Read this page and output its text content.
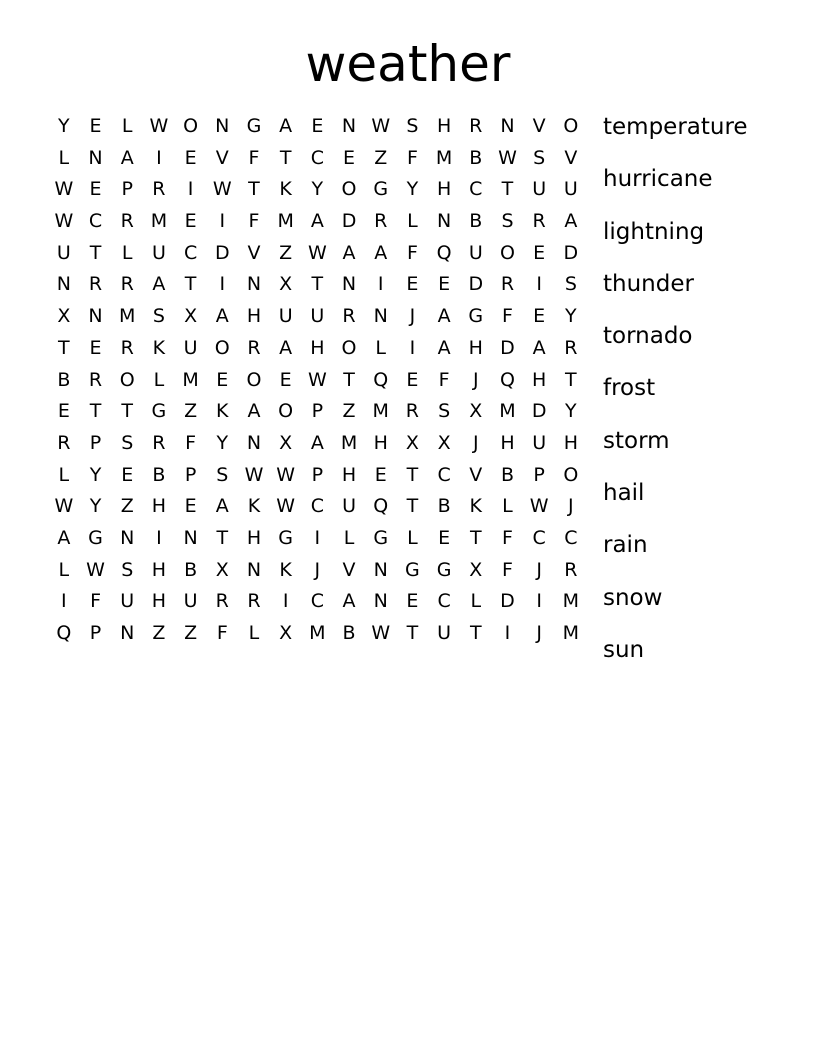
weather
Y	E	L W O N G A	E N W S H R N V O
L	N A	I	E	V	F	T	C	E	Z	F M B W S	V
W E	P	R	I	W T	K	Y O G Y H C	T U U
W C R M E	I	F M A D R	L	N B	S	R A
U T	L	U C D V Z W A A	F Q U O E D
N R R A	T	I	N X	T N	I	E	E D R	I	S
X N M S	X A H U U R N	J	A G F	E	Y
T	E	R K U O R A H O L	I	A H D A R
B R O L M E O E W T Q E	F	J	Q H T
E	T	T G Z K A O P	Z M R	S	X M D Y
R	P	S	R	F	Y N X A M H X X	J	H U H
L	Y	E	B	P	S W W P H E	T	C V B	P O
W Y	Z H E	A K W C U Q T	B K	L W	J
A G N	I	N T H G	I	L	G	L	E	T	F	C C
L W S H B X N K	J	V N G G X	F	J	R
I	F	U H U R R	I	C A N E	C	L	D	I	M
Q P N Z Z	F	L	X M B W T U T	I	J	M
temperature
hurricane
lightning
thunder
tornado
frost
storm
hail
rain
snow
sun
